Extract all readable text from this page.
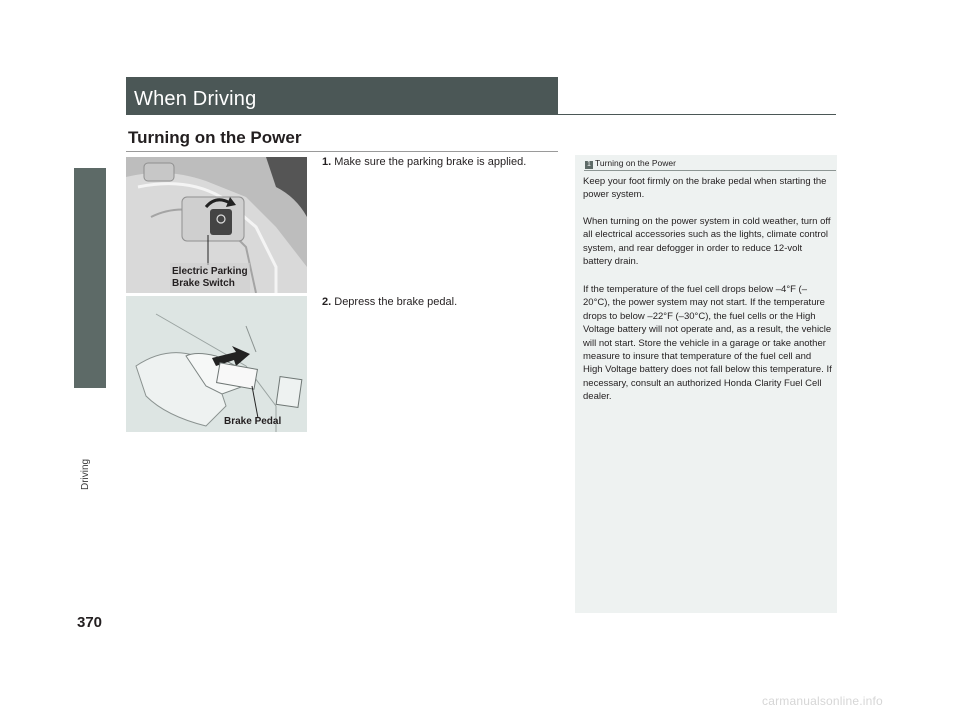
Driving
When Driving
Turning on the Power
Electric Parking
Brake Switch
Brake Pedal
1. Make sure the parking brake is applied.
2. Depress the brake pedal.
1 Turning on the Power

Keep your foot firmly on the brake pedal when starting the power system.

When turning on the power system in cold weather, turn off all electrical accessories such as the lights, climate control system, and rear defogger in order to reduce 12-volt battery drain.

If the temperature of the fuel cell drops below –4°F (–20°C), the power system may not start. If the temperature drops to below –22°F (–30°C), the fuel cells or the High Voltage battery will not operate and, as a result, the vehicle will not start. Store the vehicle in a garage or take another measure to insure that temperature of the fuel cell and High Voltage battery does not fall below this temperature. If necessary, consult an authorized Honda Clarity Fuel Cell dealer.

370
carmanualsonline.info
